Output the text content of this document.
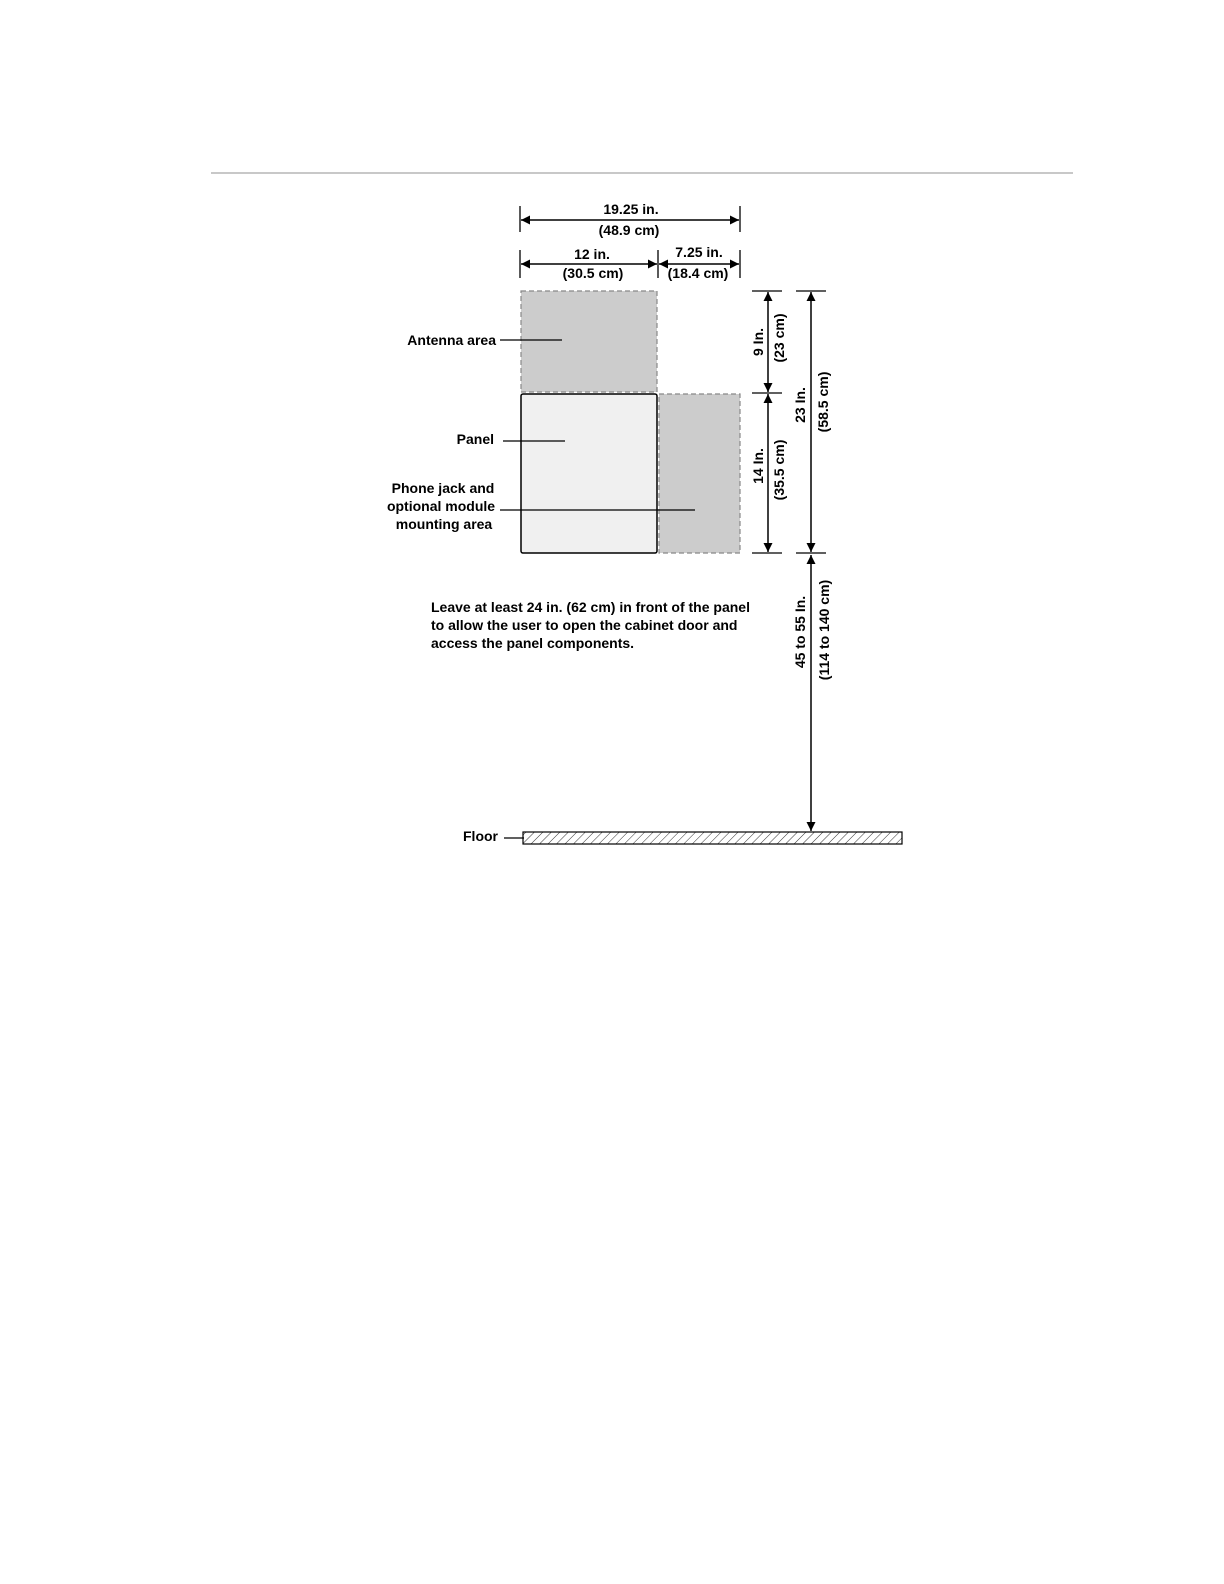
19.25 in.
(48.9 cm)
12 in.
(30.5 cm)
7.25 in.
(18.4 cm)
9 In. (23 cm)
14 In. (35.5 cm)
23 In. (58.5 cm)
45 to 55 In. (114 to 140 cm)
Antenna area
Panel
Phone jack and
optional module
mounting area
Leave at least 24 in. (62 cm) in front of the panel
to allow the user to open the cabinet door and
access the panel components.
Floor
